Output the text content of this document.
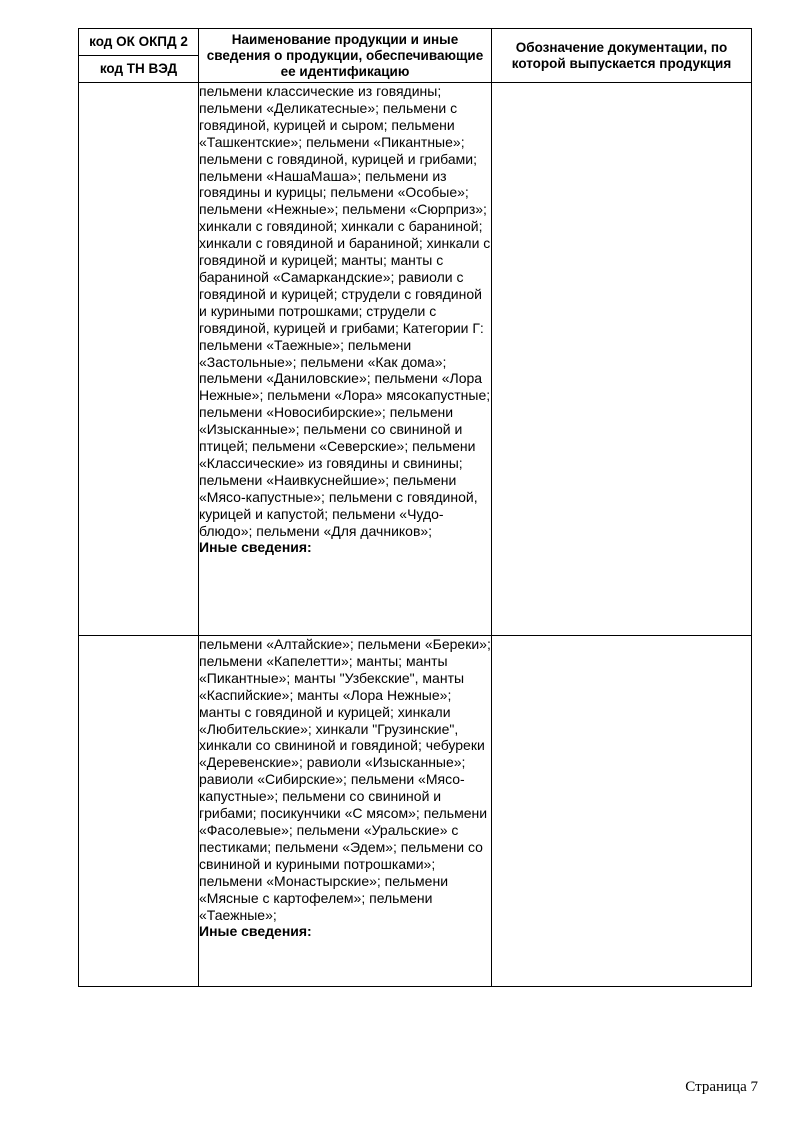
код ОК ОКПД 2	Наименование продукции и иные сведения о продукции, обеспечивающие ее идентификацию	Обозначение документации, по которой выпускается продукция
код ТН ВЭД		
	пельмени классические из говядины; пельмени «Деликатесные»; пельмени с говядиной, курицей и сыром; пельмени «Ташкентские»; пельмени «Пикантные»; пельмени с говядиной, курицей и грибами; пельмени «НашаМаша»; пельмени из говядины и курицы; пельмени «Особые»; пельмени «Нежные»; пельмени «Сюрприз»; хинкали с говядиной; хинкали с бараниной; хинкали с говядиной и бараниной; хинкали с говядиной и курицей; манты; манты с бараниной «Самаркандские»; равиоли с говядиной и курицей; струдели с говядиной и куриными потрошками; струдели с говядиной, курицей и грибами; Категории Г: пельмени «Таежные»; пельмени «Застольные»; пельмени «Как дома»; пельмени «Даниловские»; пельмени «Лора Нежные»; пельмени «Лора» мясокапустные; пельмени «Новосибирские»; пельмени «Изысканные»; пельмени со свининой и птицей; пельмени «Северские»; пельмени «Классические» из говядины и свинины; пельмени «Наивкуснейшие»; пельмени «Мясо-капустные»; пельмени с говядиной, курицей и капустой; пельмени «Чудо-блюдо»; пельмени «Для дачников»;
Иные сведения:	

	пельмени «Алтайские»; пельмени «Береки»; пельмени «Капелетти»; манты; манты «Пикантные»; манты "Узбекские", манты «Каспийские»; манты «Лора Нежные»; манты с говядиной и курицей; хинкали «Любительские»; хинкали "Грузинские", хинкали со свининой и говядиной; чебуреки «Деревенские»; равиоли «Изысканные»; равиоли «Сибирские»; пельмени «Мясо-капустные»; пельмени со свининой и грибами; посикунчики «С мясом»; пельмени «Фасолевые»; пельмени «Уральские» с пестиками; пельмени «Эдем»; пельмени со свининой и куриными потрошками»; пельмени «Монастырские»; пельмени «Мясные с картофелем»; пельмени «Таежные»;
Иные сведения:	

Страница 7
